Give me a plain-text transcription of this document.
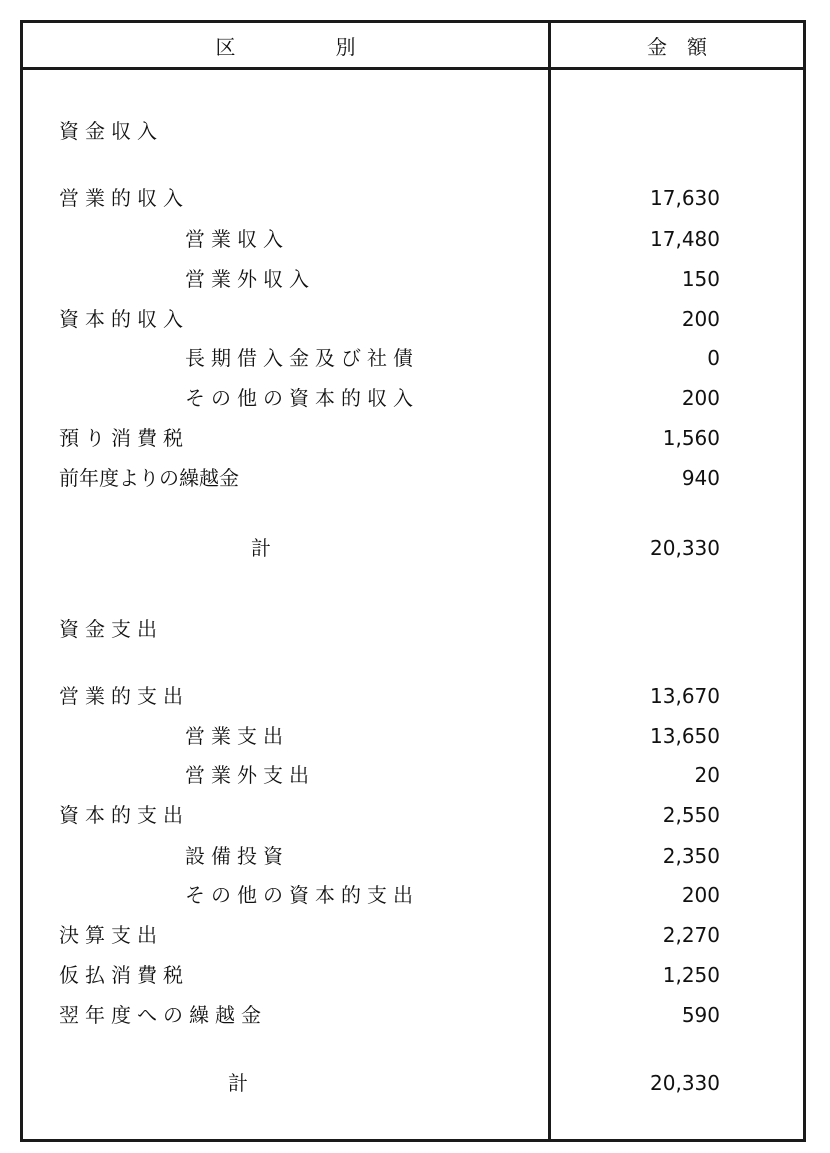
区　　　　　別	金　額
資金収入
営業的収入	17,630
営業収入	17,480
営業外収入	150
資本的収入	200
長期借入金及び社債	0
その他の資本的収入	200
預り消費税	1,560
前年度よりの繰越金	940
計	20,330
資金支出
営業的支出	13,670
営業支出	13,650
営業外支出	20
資本的支出	2,550
設備投資	2,350
その他の資本的支出	200
決算支出	2,270
仮払消費税	1,250
翌年度への繰越金	590
計	20,330
